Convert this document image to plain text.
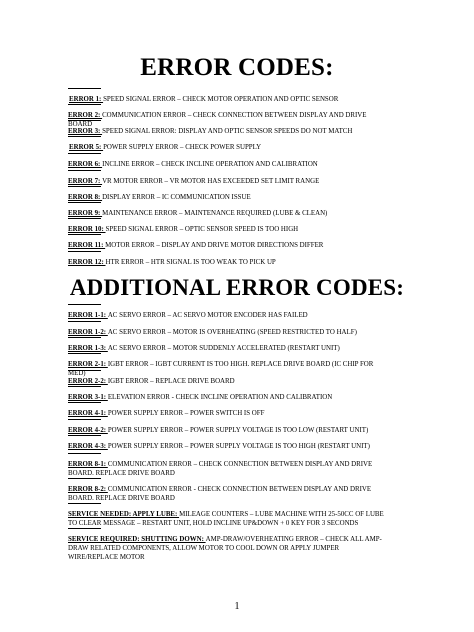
ERROR CODES:
ERROR 1: SPEED SIGNAL ERROR – CHECK MOTOR OPERATION AND OPTIC SENSOR
ERROR 2: COMMUNICATION ERROR – CHECK CONNECTION BETWEEN DISPLAY AND DRIVE BOARD
ERROR 3: SPEED SIGNAL ERROR: DISPLAY AND OPTIC SENSOR SPEEDS DO NOT MATCH
ERROR 5: POWER SUPPLY ERROR – CHECK POWER SUPPLY
ERROR 6: INCLINE ERROR – CHECK INCLINE OPERATION AND CALIBRATION
ERROR 7: VR MOTOR ERROR – VR MOTOR HAS EXCEEDED SET LIMIT RANGE
ERROR 8: DISPLAY ERROR – IC COMMUNICATION ISSUE
ERROR 9: MAINTENANCE ERROR – MAINTENANCE REQUIRED (LUBE & CLEAN)
ERROR 10: SPEED SIGNAL ERROR – OPTIC SENSOR SPEED IS TOO HIGH
ERROR 11: MOTOR ERROR – DISPLAY AND DRIVE MOTOR DIRECTIONS DIFFER
ERROR 12: HTR ERROR – HTR SIGNAL IS TOO WEAK TO PICK UP
ADDITIONAL ERROR CODES:
ERROR 1-1: AC SERVO ERROR – AC SERVO MOTOR ENCODER HAS FAILED
ERROR 1-2: AC SERVO ERROR – MOTOR IS OVERHEATING (SPEED RESTRICTED TO HALF)
ERROR 1-3: AC SERVO ERROR – MOTOR SUDDENLY ACCELERATED (RESTART UNIT)
ERROR 2-1: IGBT ERROR – IGBT CURRENT IS TOO HIGH. REPLACE DRIVE BOARD (IC CHIP FOR MED)
ERROR 2-2: IGBT ERROR – REPLACE DRIVE BOARD
ERROR 3-1: ELEVATION ERROR - CHECK INCLINE OPERATION AND CALIBRATION
ERROR 4-1: POWER SUPPLY ERROR – POWER SWITCH IS OFF
ERROR 4-2: POWER SUPPLY ERROR – POWER SUPPLY VOLTAGE IS TOO LOW (RESTART UNIT)
ERROR 4-3: POWER SUPPLY ERROR – POWER SUPPLY VOLTAGE IS TOO HIGH (RESTART UNIT)
ERROR 8-1: COMMUNICATION ERROR – CHECK CONNECTION BETWEEN DISPLAY AND DRIVE BOARD. REPLACE DRIVE BOARD
ERROR 8-2: COMMUNICATION ERROR - CHECK CONNECTION BETWEEN DISPLAY AND DRIVE BOARD. REPLACE DRIVE BOARD
SERVICE NEEDED: APPLY LUBE: MILEAGE COUNTERS – LUBE MACHINE WITH 25-50CC OF LUBE TO CLEAR MESSAGE – RESTART UNIT, HOLD INCLINE UP&DOWN + 0 KEY FOR 3 SECONDS
SERVICE REQUIRED: SHUTTING DOWN: AMP-DRAW/OVERHEATING ERROR – CHECK ALL AMP-DRAW RELATED COMPONENTS, ALLOW MOTOR TO COOL DOWN OR APPLY JUMPER WIRE/REPLACE MOTOR
1
